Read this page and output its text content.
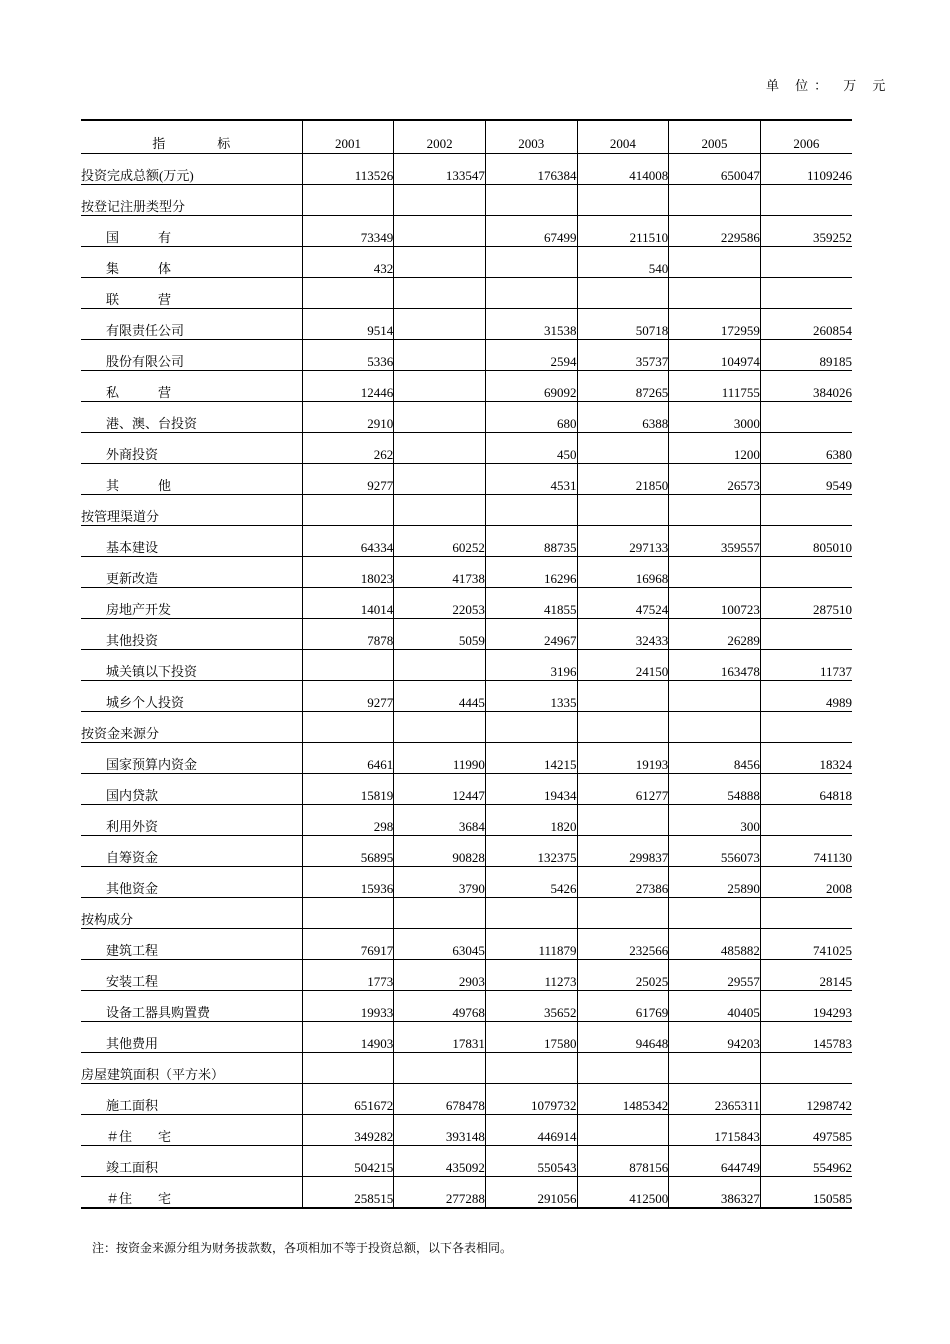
单 位： 万 元
指　　　　标	2001	2002	2003	2004	2005	2006
投资完成总额(万元)	113526	133547	176384	414008	650047	1109246
按登记注册类型分						
国　　　有	73349		67499	211510	229586	359252
集　　　体	432			540		
联　　　营						
有限责任公司	9514		31538	50718	172959	260854
股份有限公司	5336		2594	35737	104974	89185
私　　　营	12446		69092	87265	111755	384026
港、澳、台投资	2910		680	6388	3000	
外商投资	262		450		1200	6380
其　　　他	9277		4531	21850	26573	9549
按管理渠道分						
基本建设	64334	60252	88735	297133	359557	805010
更新改造	18023	41738	16296	16968		
房地产开发	14014	22053	41855	47524	100723	287510
其他投资	7878	5059	24967	32433	26289	
城关镇以下投资			3196	24150	163478	11737
城乡个人投资	9277	4445	1335			4989
按资金来源分						
国家预算内资金	6461	11990	14215	19193	8456	18324
国内贷款	15819	12447	19434	61277	54888	64818
利用外资	298	3684	1820		300	
自筹资金	56895	90828	132375	299837	556073	741130
其他资金	15936	3790	5426	27386	25890	2008
按构成分						
建筑工程	76917	63045	111879	232566	485882	741025
安装工程	1773	2903	11273	25025	29557	28145
设备工器具购置费	19933	49768	35652	61769	40405	194293
其他费用	14903	17831	17580	94648	94203	145783
房屋建筑面积（平方米）						
施工面积	651672	678478	1079732	1485342	2365311	1298742
＃住　　宅	349282	393148	446914		1715843	497585
竣工面积	504215	435092	550543	878156	644749	554962
＃住　　宅	258515	277288	291056	412500	386327	150585
注：按资金来源分组为财务拔款数，各项相加不等于投资总额，以下各表相同。
